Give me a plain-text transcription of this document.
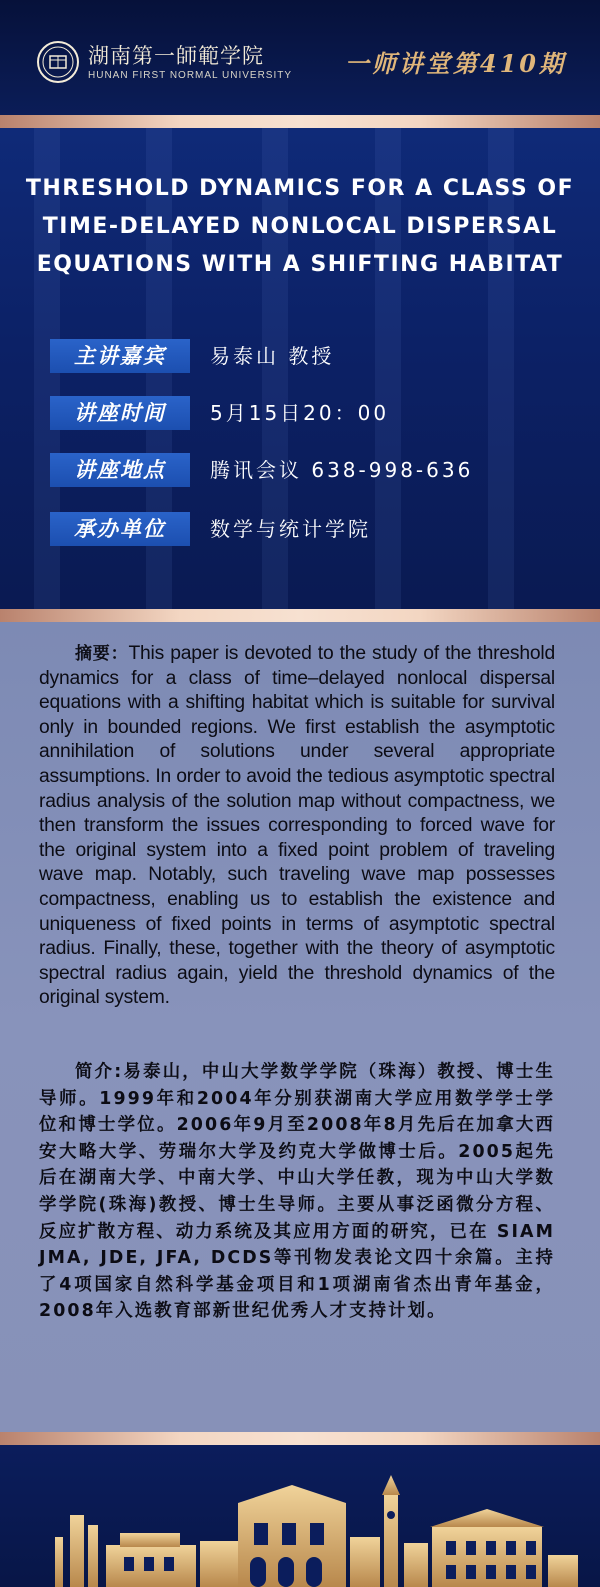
湖南第一師範学院
HUNAN FIRST NORMAL UNIVERSITY 一师讲堂第410期
THRESHOLD DYNAMICS FOR A CLASS OF
TIME-DELAYED NONLOCAL DISPERSAL
EQUATIONS WITH A SHIFTING HABITAT
主讲嘉宾	易泰山 教授
讲座时间	5月15日20：00
讲座地点	腾讯会议 638-998-636
承办单位	数学与统计学院
摘要：This paper is devoted to the study of the threshold dynamics for a class of time–delayed nonlocal dispersal equations with a shifting habitat which is suitable for survival only in bounded regions. We first establish the asymptotic annihilation of solutions under several appropriate assumptions. In order to avoid the tedious asymptotic spectral radius analysis of the solution map without compactness, we then transform the issues corresponding to forced wave for the original system into a fixed point problem of traveling wave map. Notably, such traveling wave map possesses compactness, enabling us to establish the existence and uniqueness of fixed points in terms of asymptotic spectral radius. Finally, these, together with the theory of asymptotic spectral radius again, yield the threshold dynamics of the original system.
简介:易泰山，中山大学数学学院（珠海）教授、博士生导师。1999年和2004年分别获湖南大学应用数学学士学位和博士学位。2006年9月至2008年8月先后在加拿大西安大略大学、劳瑞尔大学及约克大学做博士后。2005起先后在湖南大学、中南大学、中山大学任教，现为中山大学数学学院(珠海)教授、博士生导师。主要从事泛函微分方程、反应扩散方程、动力系统及其应用方面的研究，已在 SIAM JMA, JDE, JFA, DCDS等刊物发表论文四十余篇。主持了4项国家自然科学基金项目和1项湖南省杰出青年基金，2008年入选教育部新世纪优秀人才支持计划。
